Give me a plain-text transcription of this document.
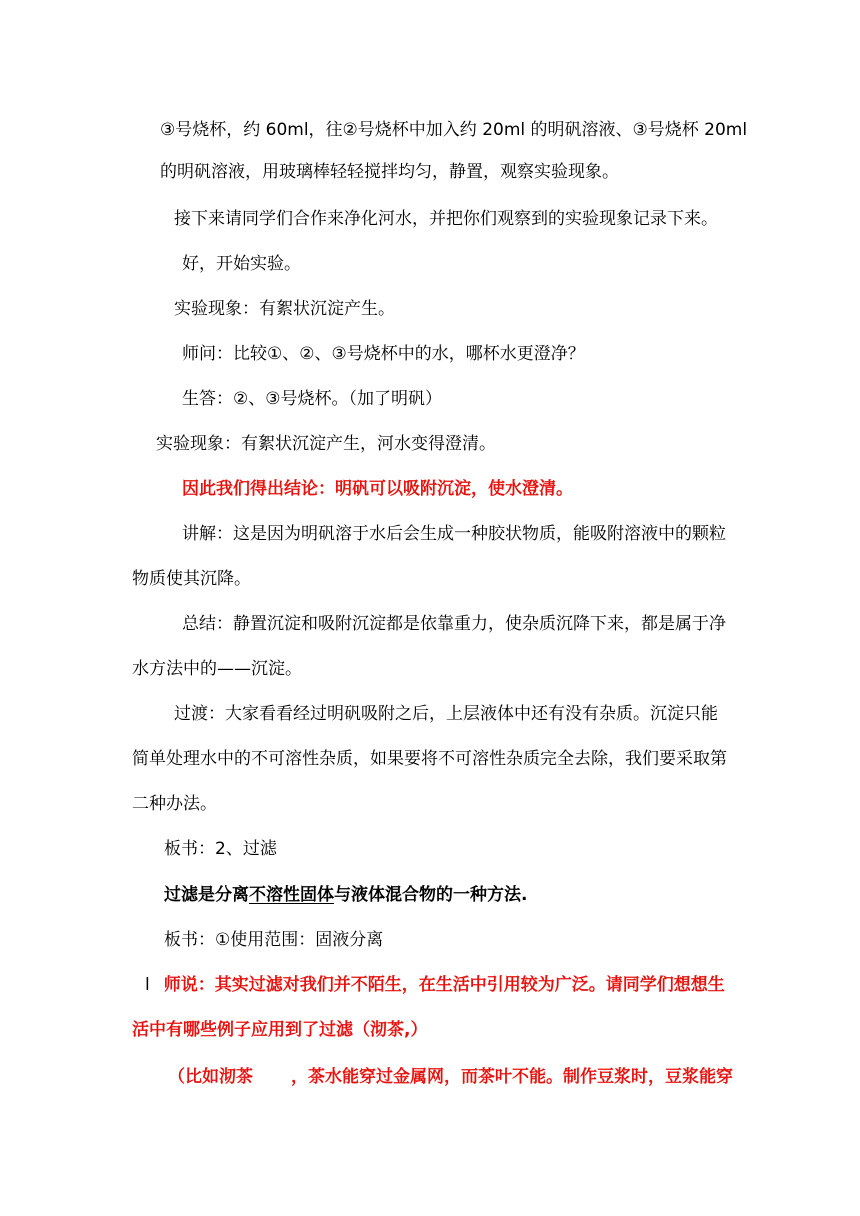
③号烧杯，约 60ml，往②号烧杯中加入约 20ml 的明矾溶液、③号烧杯 20ml

的明矾溶液，用玻璃棒轻轻搅拌均匀，静置，观察实验现象。

接下来请同学们合作来净化河水，并把你们观察到的实验现象记录下来。

好，开始实验。

实验现象：有絮状沉淀产生。

师问：比较①、②、③号烧杯中的水，哪杯水更澄净？

生答：②、③号烧杯。（加了明矾）

实验现象：有絮状沉淀产生，河水变得澄清。

因此我们得出结论：明矾可以吸附沉淀，使水澄清。

讲解：这是因为明矾溶于水后会生成一种胶状物质，能吸附溶液中的颗粒

物质使其沉降。

总结：静置沉淀和吸附沉淀都是依靠重力，使杂质沉降下来，都是属于净

水方法中的——沉淀。

过渡：大家看看经过明矾吸附之后，上层液体中还有没有杂质。沉淀只能

简单处理水中的不可溶性杂质，如果要将不可溶性杂质完全去除，我们要采取第

二种办法。

板书：2、过滤

过滤是分离不溶性固体与液体混合物的一种方法.

板书：①使用范围：固液分离

l 师说：其实过滤对我们并不陌生，在生活中引用较为广泛。请同学们想想生

活中有哪些例子应用到了过滤（沏茶,）

（比如沏茶 ，茶水能穿过金属网，而茶叶不能。制作豆浆时，豆浆能穿
